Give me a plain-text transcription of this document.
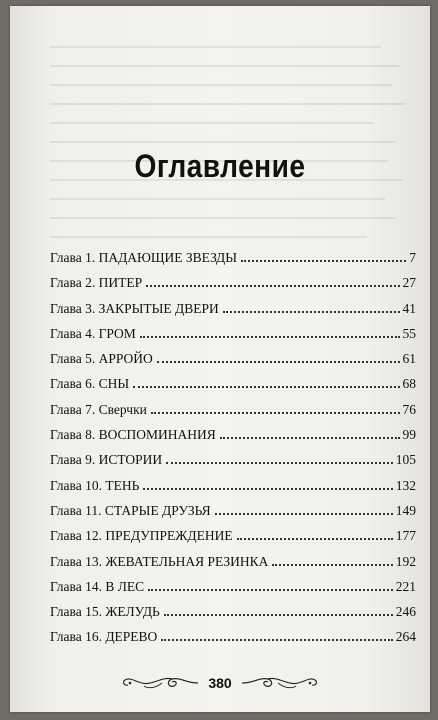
Оглавление
Глава 1. ПАДАЮЩИЕ ЗВЕЗДЫ	7
Глава 2. ПИТЕР	27
Глава 3. ЗАКРЫТЫЕ ДВЕРИ	41
Глава 4. ГРОМ	55
Глава 5. АРРОЙО	61
Глава 6. СНЫ	68
Глава 7. Сверчки	76
Глава 8. ВОСПОМИНАНИЯ	99
Глава 9. ИСТОРИИ	105
Глава 10. ТЕНЬ	132
Глава 11. СТАРЫЕ ДРУЗЬЯ	149
Глава 12. ПРЕДУПРЕЖДЕНИЕ	177
Глава 13. ЖЕВАТЕЛЬНАЯ РЕЗИНКА	192
Глава 14. В ЛЕС	221
Глава 15. ЖЕЛУДЬ	246
Глава 16. ДЕРЕВО	264
380
